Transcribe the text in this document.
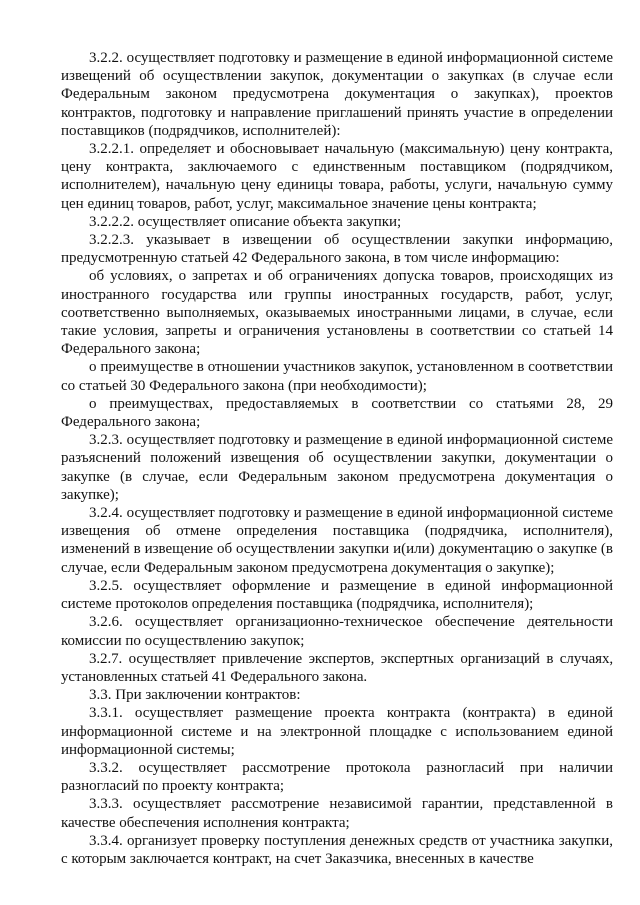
3.2.2. осуществляет подготовку и размещение в единой информационной системе извещений об осуществлении закупок, документации о закупках (в случае если Федеральным законом предусмотрена документация о закупках), проектов контрактов, подготовку и направление приглашений принять участие в определении поставщиков (подрядчиков, исполнителей):

3.2.2.1. определяет и обосновывает начальную (максимальную) цену контракта, цену контракта, заключаемого с единственным поставщиком (подрядчиком, исполнителем), начальную цену единицы товара, работы, услуги, начальную сумму цен единиц товаров, работ, услуг, максимальное значение цены контракта;

3.2.2.2. осуществляет описание объекта закупки;

3.2.2.3. указывает в извещении об осуществлении закупки информацию, предусмотренную статьей 42 Федерального закона, в том числе информацию:

об условиях, о запретах и об ограничениях допуска товаров, происходящих из иностранного государства или группы иностранных государств, работ, услуг, соответственно выполняемых, оказываемых иностранными лицами, в случае, если такие условия, запреты и ограничения установлены в соответствии со статьей 14 Федерального закона;

о преимуществе в отношении участников закупок, установленном в соответствии со статьей 30 Федерального закона (при необходимости);

о преимуществах, предоставляемых в соответствии со статьями 28, 29 Федерального закона;

3.2.3. осуществляет подготовку и размещение в единой информационной системе разъяснений положений извещения об осуществлении закупки, документации о закупке (в случае, если Федеральным законом предусмотрена документация о закупке);

3.2.4. осуществляет подготовку и размещение в единой информационной системе извещения об отмене определения поставщика (подрядчика, исполнителя), изменений в извещение об осуществлении закупки и(или) документацию о закупке (в случае, если Федеральным законом предусмотрена документация о закупке);

3.2.5. осуществляет оформление и размещение в единой информационной системе протоколов определения поставщика (подрядчика, исполнителя);

3.2.6. осуществляет организационно-техническое обеспечение деятельности комиссии по осуществлению закупок;

3.2.7. осуществляет привлечение экспертов, экспертных организаций в случаях, установленных статьей 41 Федерального закона.

3.3. При заключении контрактов:

3.3.1. осуществляет размещение проекта контракта (контракта) в единой информационной системе и на электронной площадке с использованием единой информационной системы;

3.3.2. осуществляет рассмотрение протокола разногласий при наличии разногласий по проекту контракта;

3.3.3. осуществляет рассмотрение независимой гарантии, представленной в качестве обеспечения исполнения контракта;

3.3.4. организует проверку поступления денежных средств от участника закупки, с которым заключается контракт, на счет Заказчика, внесенных в качестве
